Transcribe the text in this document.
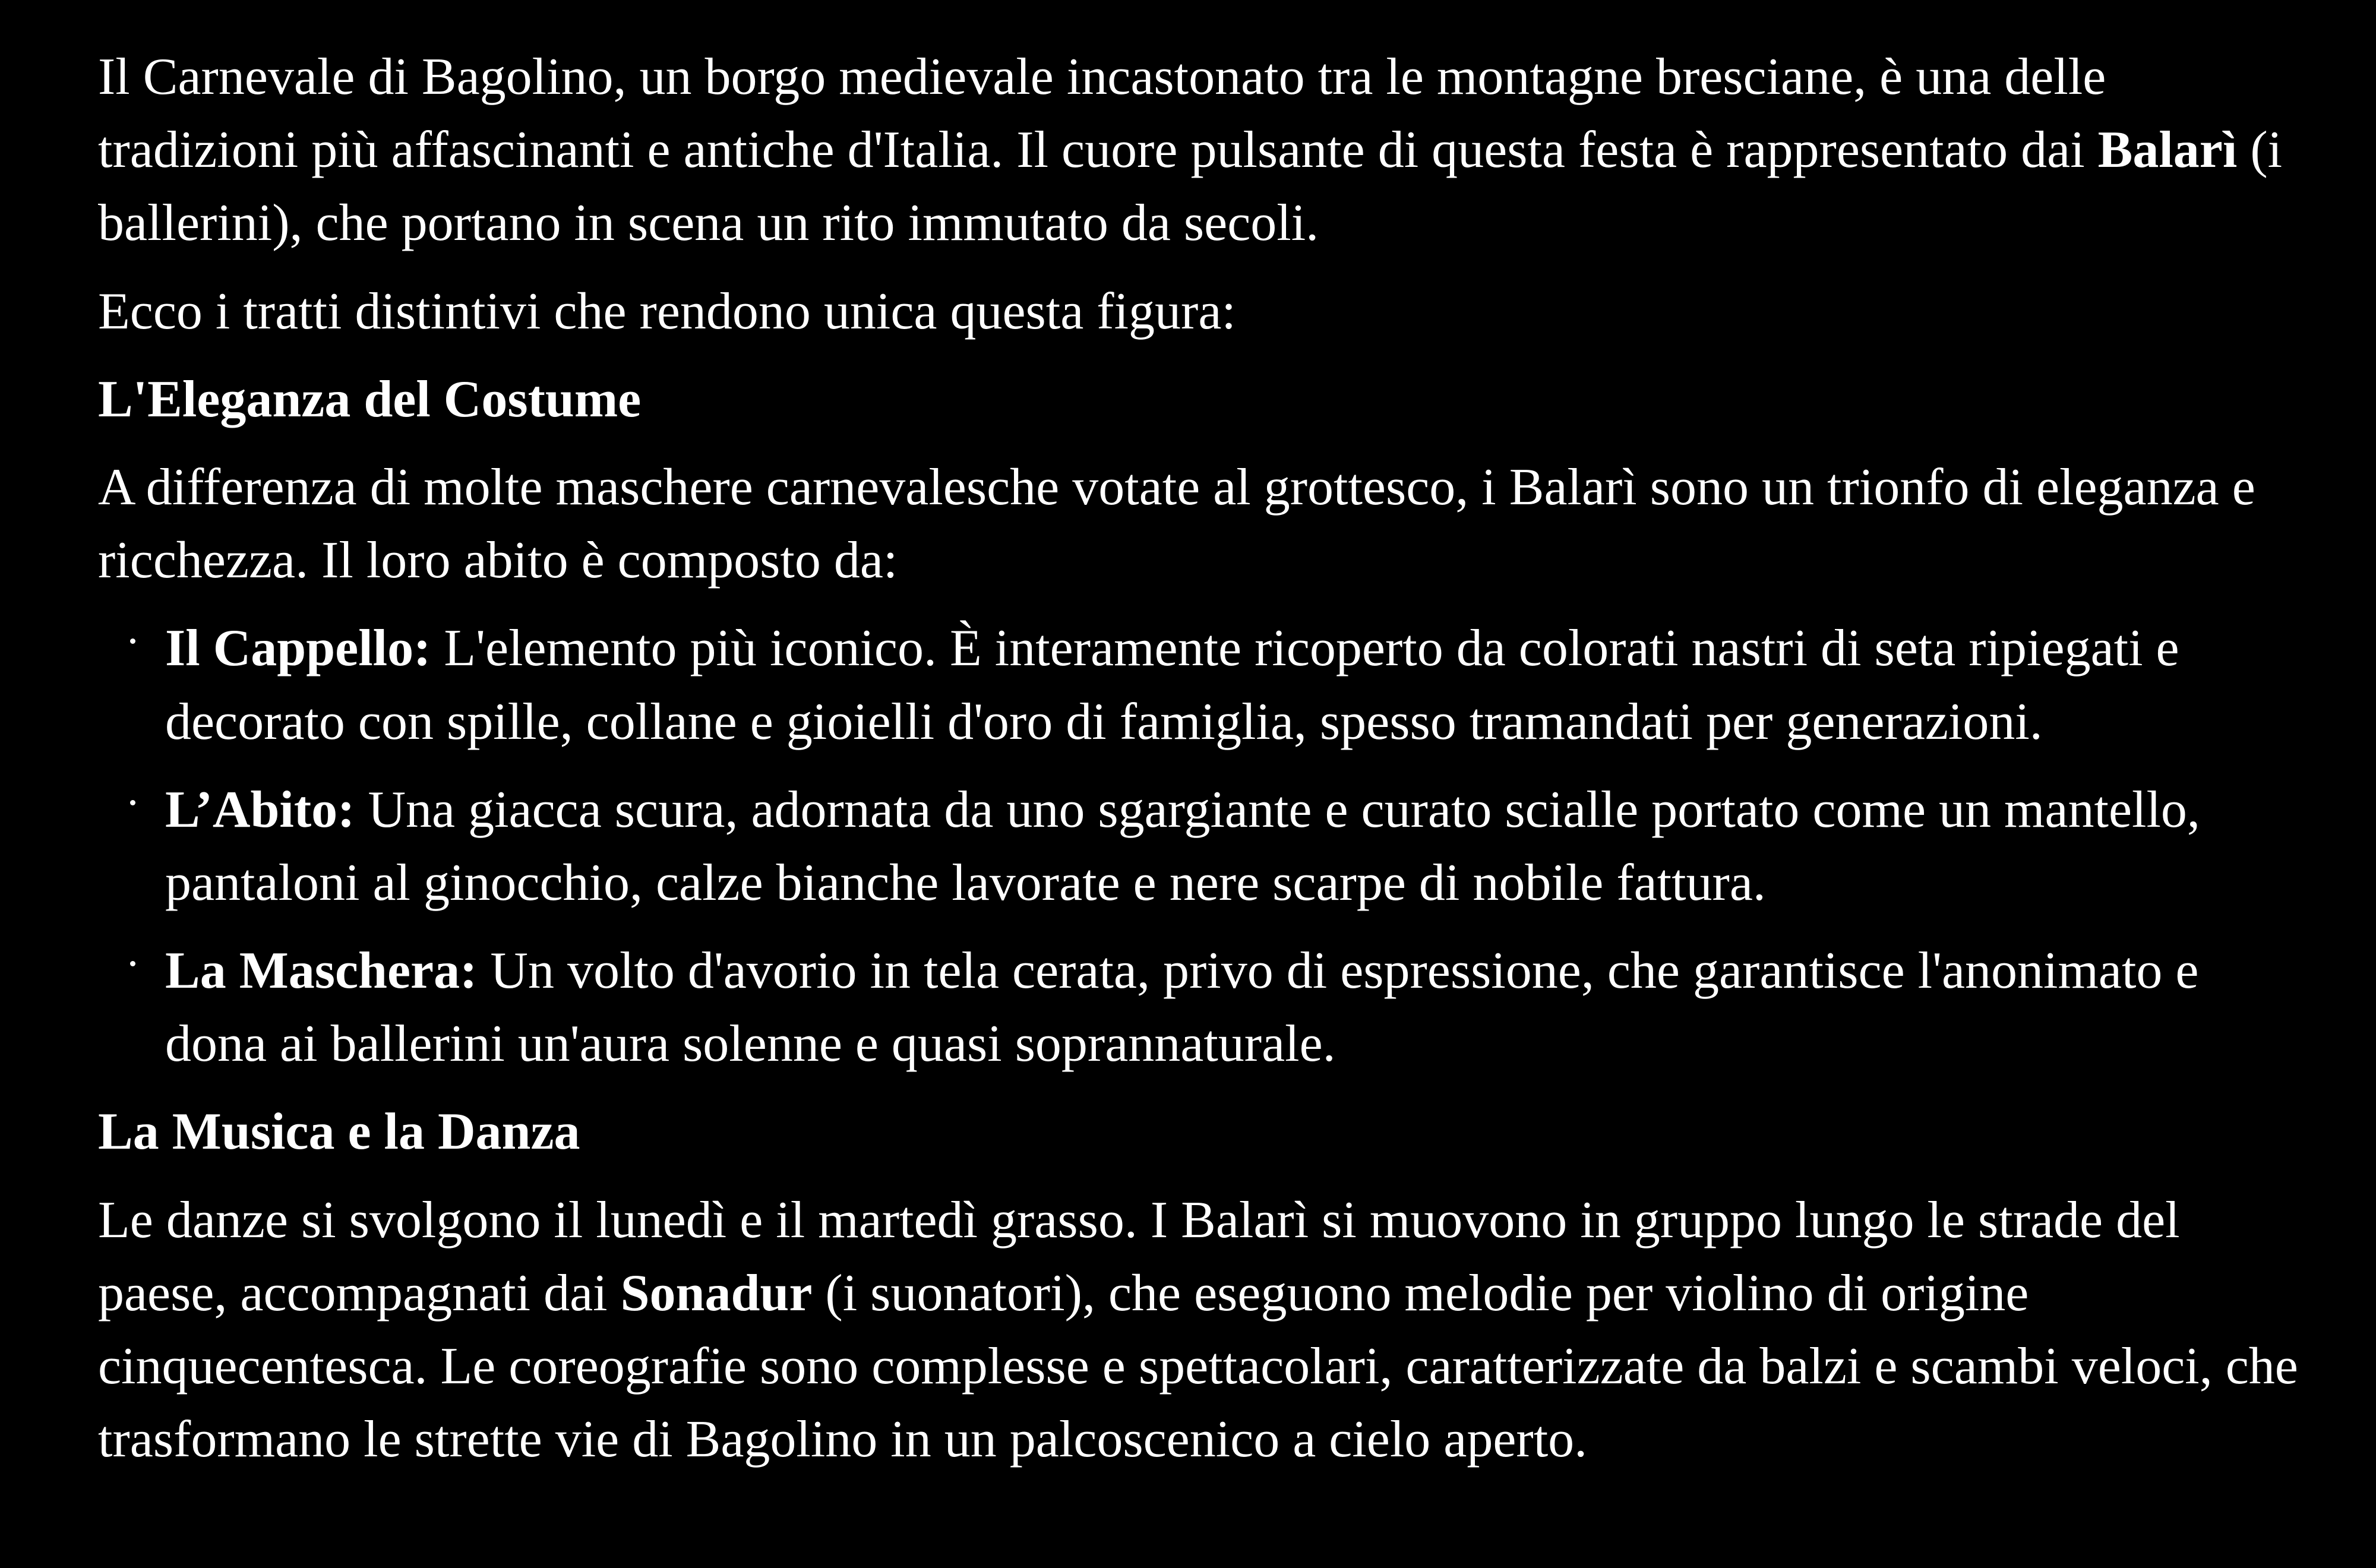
Il Carnevale di Bagolino, un borgo medievale incastonato tra le montagne bresciane, è una delle tradizioni più affascinanti e antiche d'Italia. Il cuore pulsante di questa festa è rappresentato dai Balarì (i ballerini), che portano in scena un rito immutato da secoli.

Ecco i tratti distintivi che rendono unica questa figura:

L'Eleganza del Costume

A differenza di molte maschere carnevalesche votate al grottesco, i Balarì sono un trionfo di eleganza e ricchezza. Il loro abito è composto da:

Il Cappello: L'elemento più iconico. È interamente ricoperto da colorati nastri di seta ripiegati e decorato con spille, collane e gioielli d'oro di famiglia, spesso tramandati per generazioni.
L’Abito: Una giacca scura, adornata da uno sgargiante e curato scialle portato come un mantello, pantaloni al ginocchio, calze bianche lavorate e nere scarpe di nobile fattura.
La Maschera: Un volto d'avorio in tela cerata, privo di espressione, che garantisce l'anonimato e dona ai ballerini un'aura solenne e quasi soprannaturale.

La Musica e la Danza

Le danze si svolgono il lunedì e il martedì grasso. I Balarì si muovono in gruppo lungo le strade del paese, accompagnati dai Sonadur (i suonatori), che eseguono melodie per violino di origine cinquecentesca. Le coreografie sono complesse e spettacolari, caratterizzate da balzi e scambi veloci, che trasformano le strette vie di Bagolino in un palcoscenico a cielo aperto.
